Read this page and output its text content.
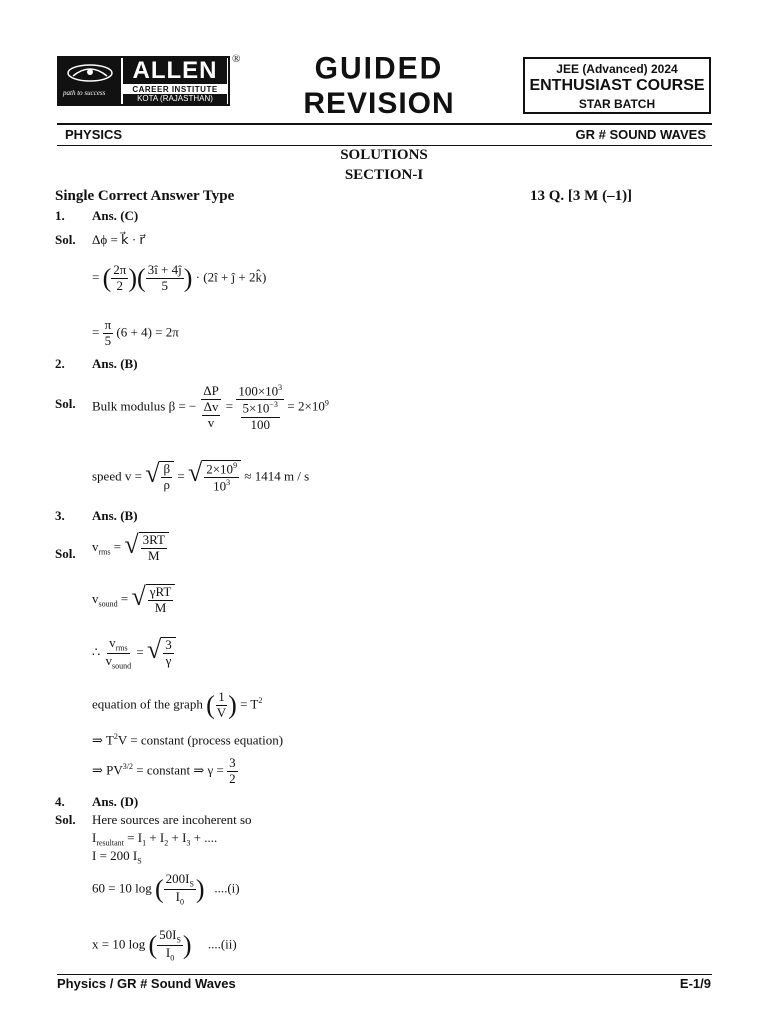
path to success
ALLEN
CAREER INSTITUTE
KOTA (RAJASTHAN)
®	GUIDED
REVISION
JEE (Advanced) 2024
ENTHUSIAST COURSE
STAR BATCH
PHYSICS	GR # SOUND WAVES
SOLUTIONS
SECTION-I
Single Correct Answer Type	13 Q. [3 M (–1)]
1. Ans. (C)
Sol. Δϕ = k⃗ · r⃗
= ( $\frac{2\pi}{2}$ )( $\frac{3î + 4ĵ}{5}$ ) · (2î + ĵ + 2k̂)
= $\frac{\pi}{5} (6 + 4) = 2\pi$
2. Ans. (B)
Sol. Bulk modulus β = − $\frac{\Delta P}{\frac{\Delta v}{v}} = \frac{100\times 10^3}{\frac{5\times 10^{-3}}{100}} = 2\times 10^9$
speed v = √ $\frac{\beta}{\rho}$ = √ $\frac{2\times 10^9}{10^3} \approx 1414$ m / s
3. Ans. (B)
Sol. $v_{rms}$ = √ $\frac{3RT}{M}$
$v_{sound}$ = √ $\frac{\text{γRT}}{M}$
∴ $\frac{v_{rms}}{v_{sound}}$ = √ $\frac{3}{\gamma}$
equation of the graph ( $\frac{1}{V}$ ) = $T^2$
⇒ $T^2V$ = constant (process equation)
⇒ $PV^{3/2}$ = constant ⇒ $\gamma = \frac{3}{2}$
4. Ans. (D)
Sol. Here sources are incoherent so
$I_{resultant} = I_1 + I_2 + I_3$ + ....
I = 200 $I_S$
60 = 10 log ( $\frac{200I_S}{I_0}$ ) ....(i)
x = 10 log ( $\frac{50I_S}{I_0}$ ) ....(ii)
Physics / GR # Sound Waves	E-1/9
